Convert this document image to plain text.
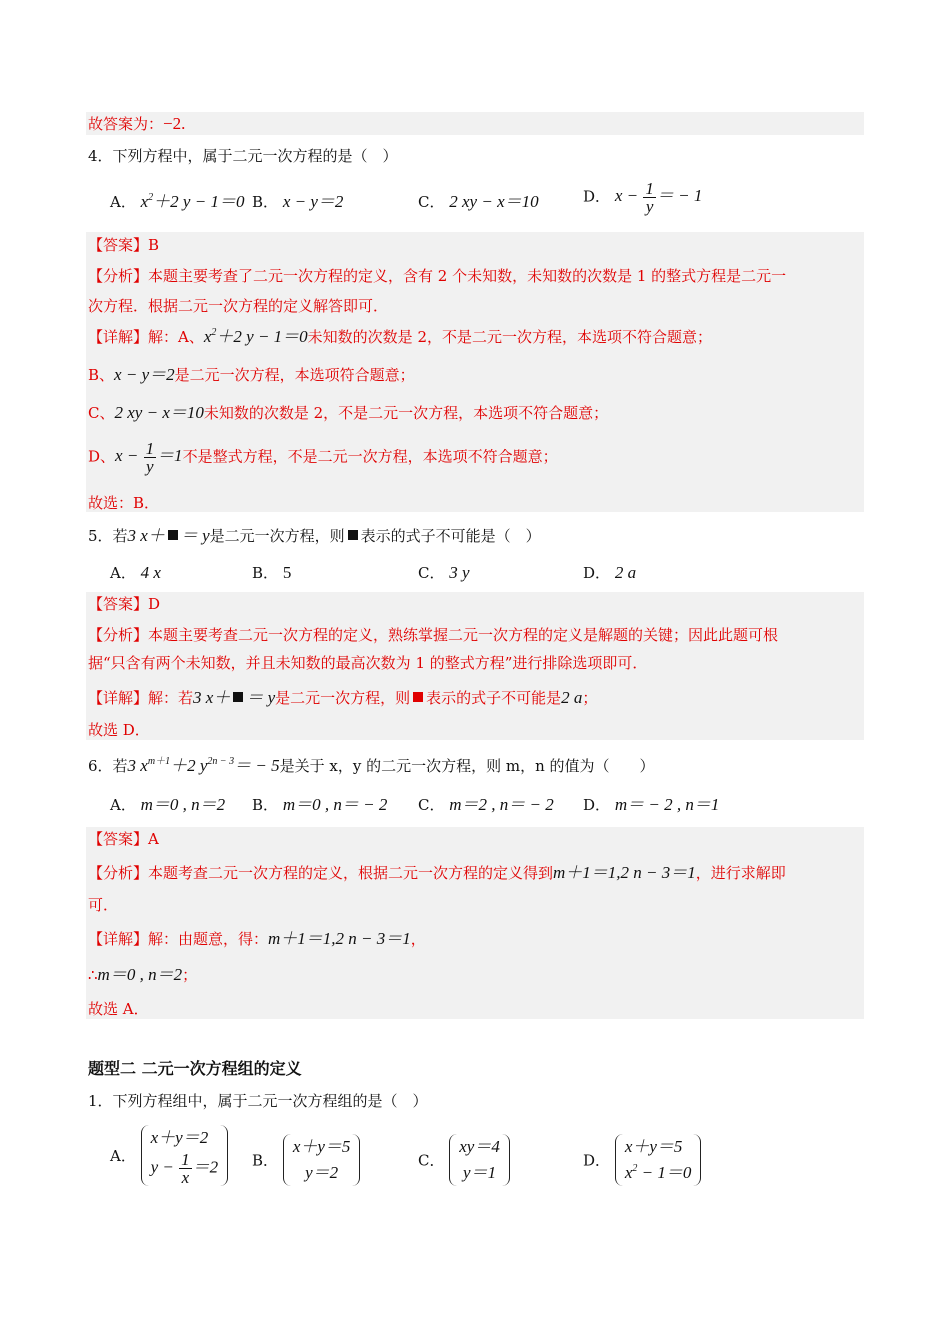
故答案为：−2.
4．下列方程中，属于二元一次方程的是（　）
A． $x^2+2$ y − 1＝0 B． x − y＝2	C． 2 xy − x＝10	D． $x - \frac{1}{y}$ ＝ − 1
【答案】B
【分析】本题主要考查了二元一次方程的定义，含有 2 个未知数，未知数的次数是 1 的整式方程是二元一
次方程．根据二元一次方程的定义解答即可．
【详解】解：A、$x^2+2$ y − 1＝0未知数的次数是 2，不是二元一次方程，本选项不符合题意；
B、x − y＝2是二元一次方程，本选项符合题意；
C、2 xy − x＝10未知数的次数是 2，不是二元一次方程，本选项不符合题意；
D、$x - \frac{1}{y} =1$不是整式方程，不是二元一次方程，本选项不符合题意；
故选：B．
5．若3 x＋ ＝ y是二元一次方程，则 表示的式子不可能是（　）
A． 4 x	B． 5	C． 3 y	D． 2 a
【答案】D
【分析】本题主要考查二元一次方程的定义，熟练掌握二元一次方程的定义是解题的关键；因此此题可根
据“只含有两个未知数，并且未知数的最高次数为 1 的整式方程”进行排除选项即可．
【详解】解：若3 x＋ ＝ y是二元一次方程，则 表示的式子不可能是2 a；
故选 D．
6．若3 $x^{m+1}+2$ $y^{2n - 3}= - 5$是关于 x，y 的二元一次方程，则 m，n 的值为（　　）
A． m＝0 , n＝2 B． m＝0 , n＝ − 2 C． m＝2 , n＝ − 2 D． m＝ − 2 , n＝1
【答案】A
【分析】本题考查二元一次方程的定义，根据二元一次方程的定义得到m＋1＝1,2 n − 3＝1，进行求解即
可．
【详解】解：由题意，得：m＋1＝1,2 n − 3＝1，
∴m＝0 , n＝2；
故选 A．
题型二 二元一次方程组的定义
1．下列方程组中，属于二元一次方程组的是（　）
A．
x＋y＝2
$y - \frac{1}{x} =2$ B．
x＋y＝5
y＝2
C．
xy＝4
y＝1
D．
x＋y＝5
$x^2 - 1=0$
